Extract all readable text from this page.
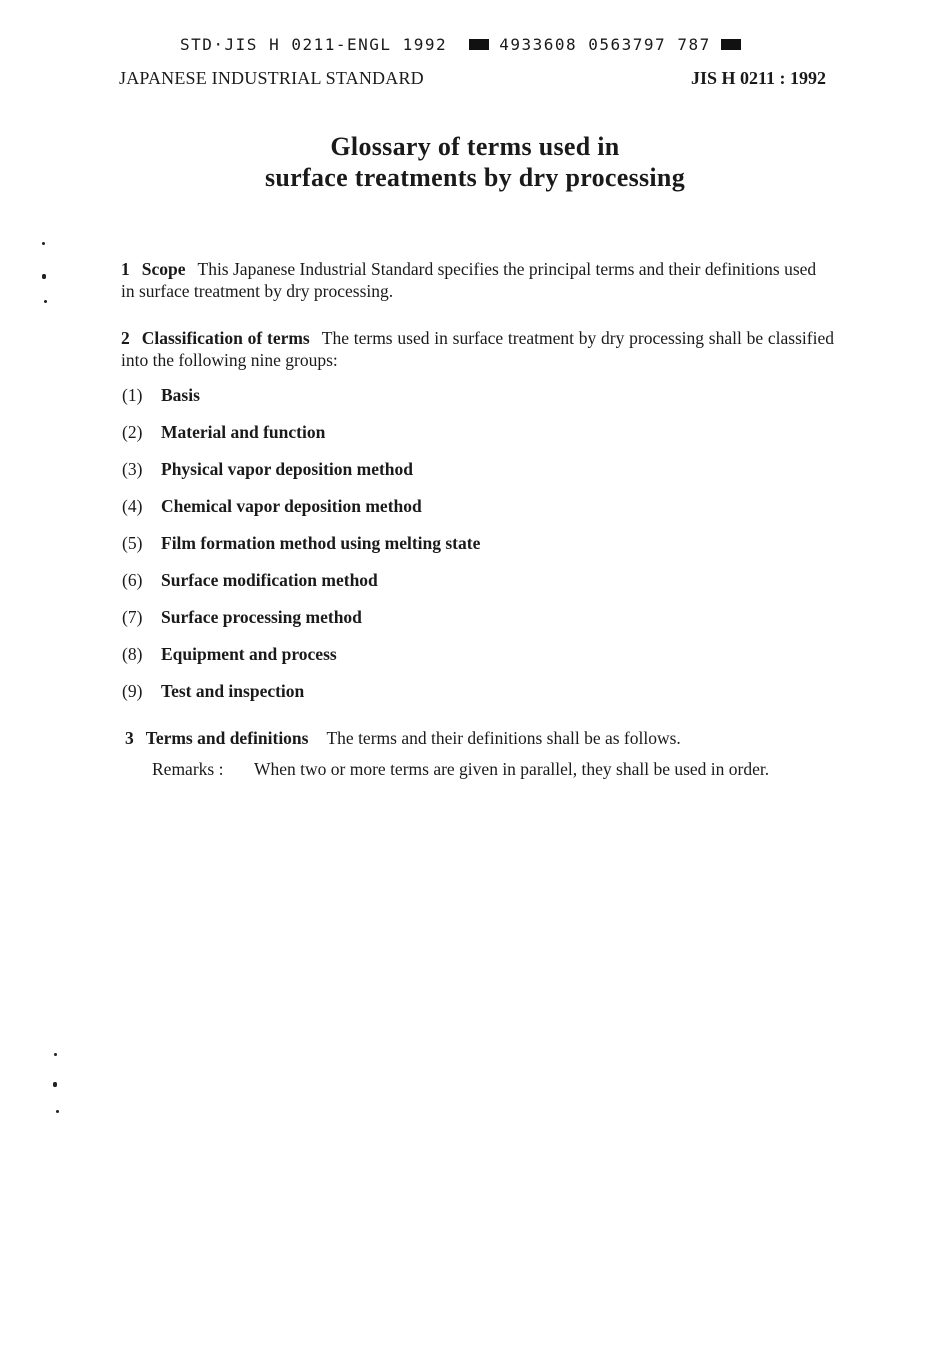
STD·JIS H 0211-ENGL 1992	4933608 0563797 787
JAPANESE INDUSTRIAL STANDARD	JIS H 0211 : 1992
Glossary of terms used in
surface treatments by dry processing
1 Scope This Japanese Industrial Standard specifies the principal terms and their definitions used in surface treatment by dry processing.
2 Classification of terms The terms used in surface treatment by dry processing shall be classified into the following nine groups:
(1) Basis
(2) Material and function
(3) Physical vapor deposition method
(4) Chemical vapor deposition method
(5) Film formation method using melting state
(6) Surface modification method
(7) Surface processing method
(8) Equipment and process
(9) Test and inspection
3 Terms and definitions The terms and their definitions shall be as follows.
Remarks :	When two or more terms are given in parallel, they shall be used in order.
